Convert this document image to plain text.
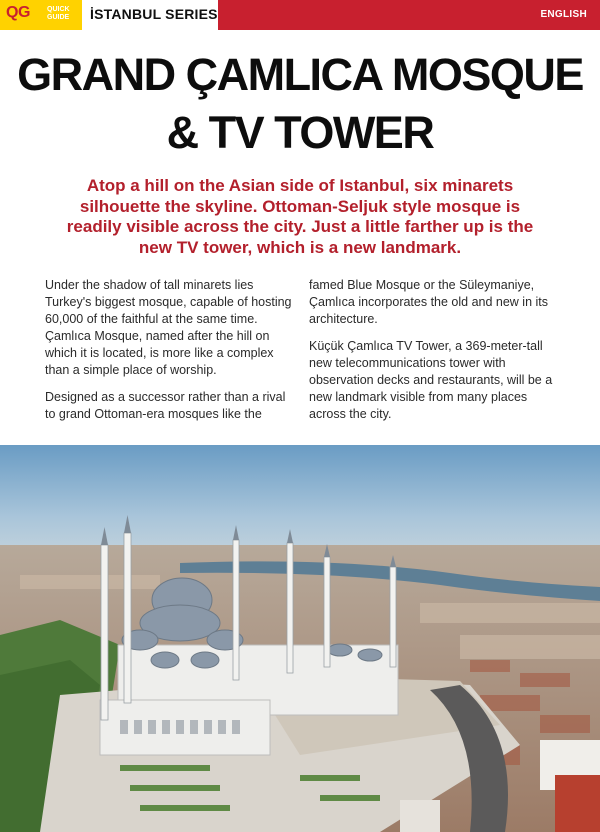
QG QUICK
GUIDE İSTANBUL SERIES	ENGLISH
GRAND ÇAMLICA MOSQUE
& TV TOWER

Atop a hill on the Asian side of Istanbul, six minarets silhouette the skyline. Ottoman-Seljuk style mosque is readily visible across the city. Just a little farther up is the new TV tower, which is a new landmark.

Under the shadow of tall minarets lies Turkey's biggest mosque, capable of hosting 60,000 of the faithful at the same time. Çamlıca Mosque, named after the hill on which it is located, is more like a complex than a simple place of worship.

Designed as a successor rather than a rival to grand Ottoman-era mosques like the

famed Blue Mosque or the Süleymaniye, Çamlıca incorporates the old and new in its architecture.

Küçük Çamlıca TV Tower, a 369-meter-tall new telecommunications tower with observation decks and restaurants, will be a new landmark visible from many places across the city.
